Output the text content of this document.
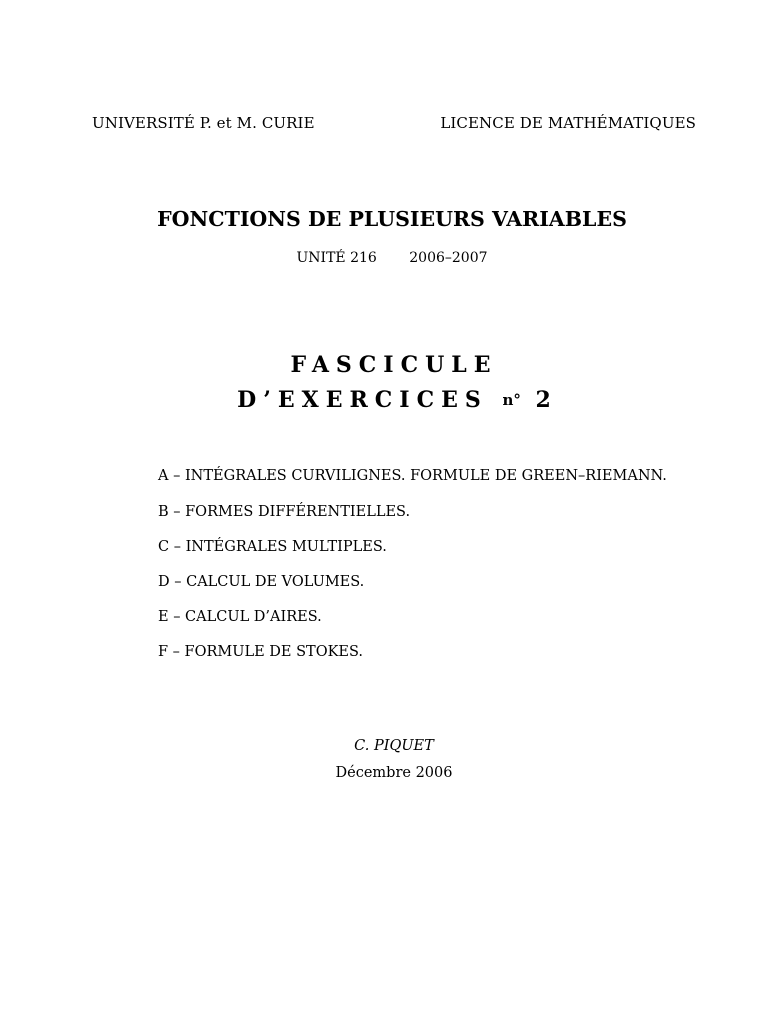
UNIVERSITÉ P. et M. CURIE	LICENCE DE MATHÉMATIQUES
FONCTIONS DE PLUSIEURS VARIABLES
UNITÉ 216 2006–2007
FASCICULE
D’EXERCICES n° 2
A – INTÉGRALES CURVILIGNES. FORMULE DE GREEN–RIEMANN.
B – FORMES DIFFÉRENTIELLES.
C – INTÉGRALES MULTIPLES.
D – CALCUL DE VOLUMES.
E – CALCUL D’AIRES.
F – FORMULE DE STOKES.
C. PIQUET
Décembre 2006
